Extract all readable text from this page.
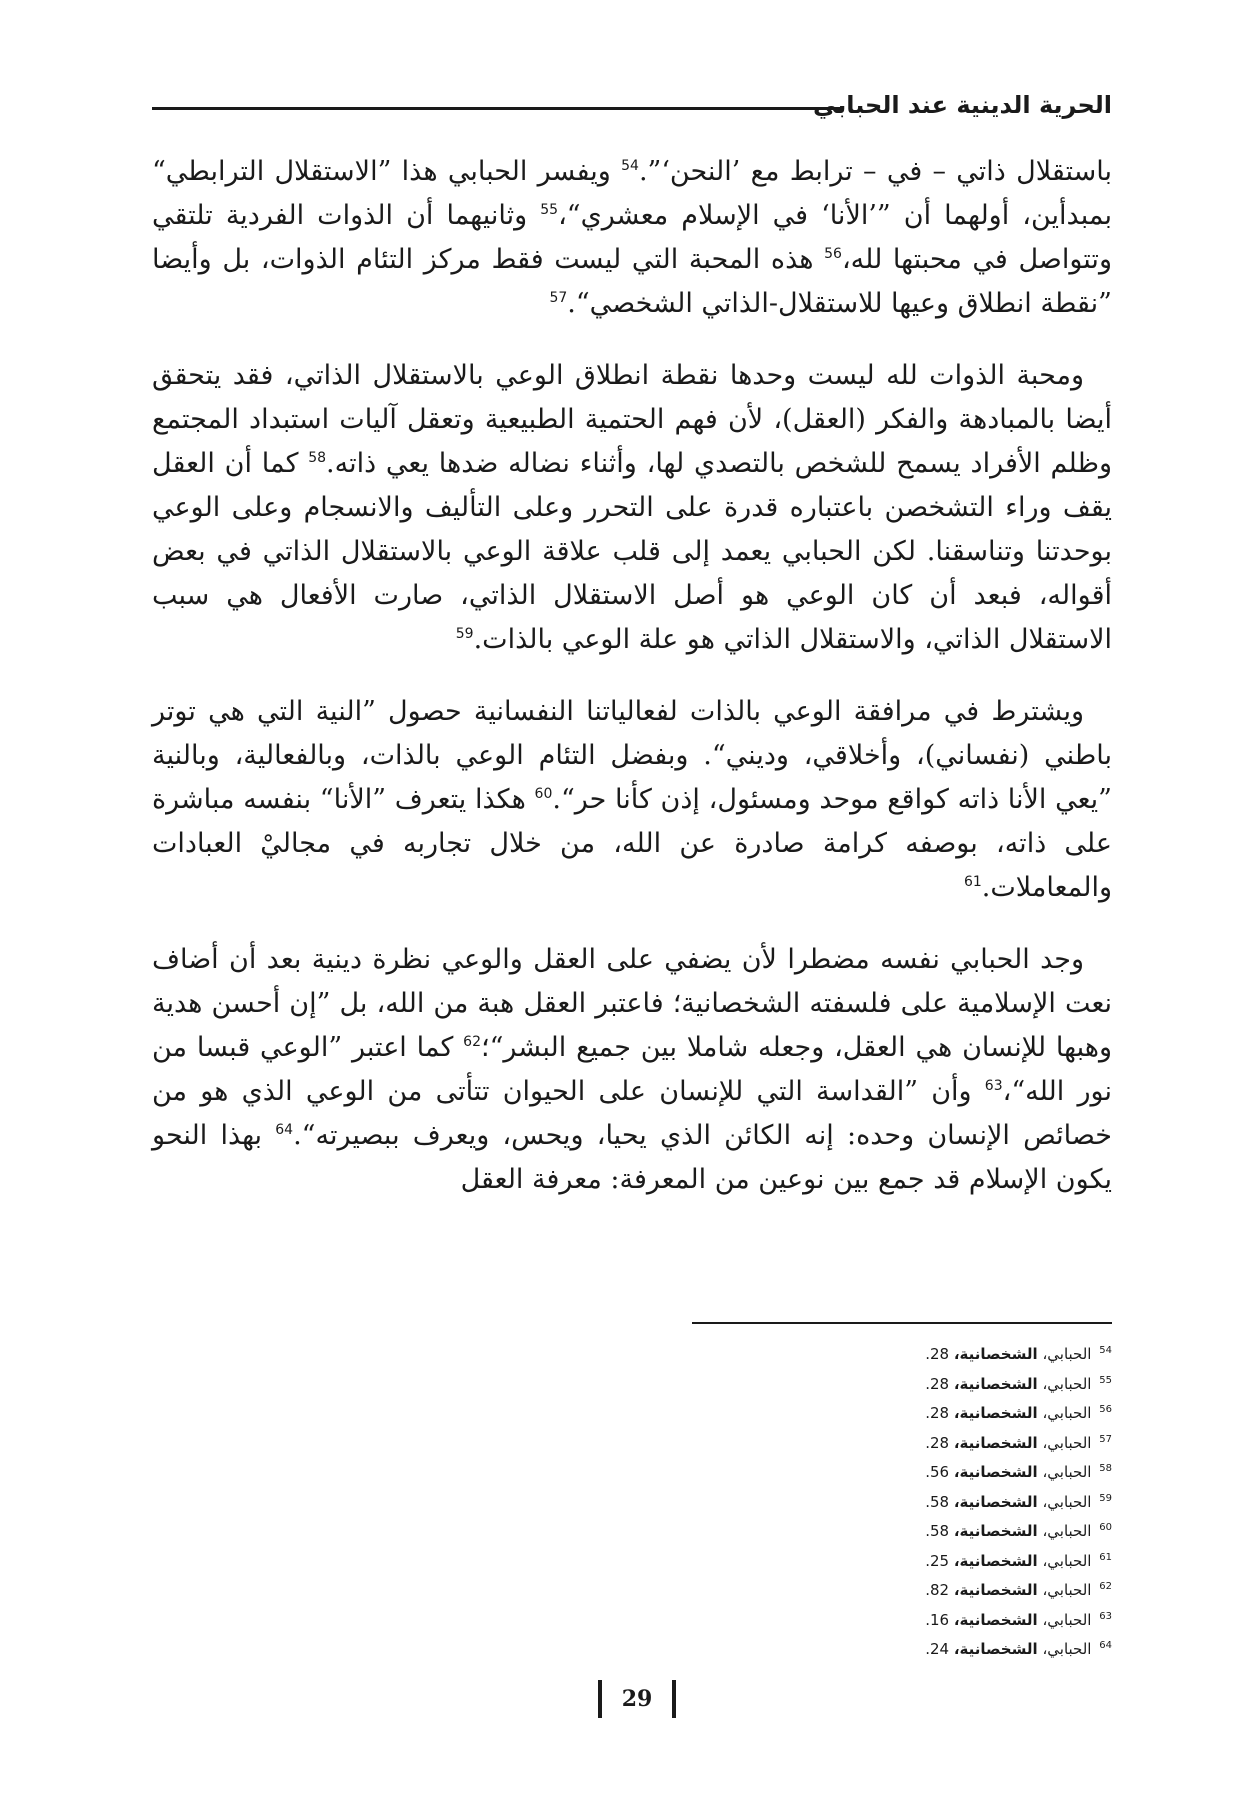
الحرية الدينية عند الحبابي

باستقلال ذاتي – في – ترابط مع ’النحن‘”.$^{54}$ ويفسر الحبابي هذا ”الاستقلال الترابطي“ بمبدأين، أولهما أن ”’الأنا‘ في الإسلام معشري“،$^{55}$ وثانيهما أن الذوات الفردية تلتقي وتتواصل في محبتها لله،$^{56}$ هذه المحبة التي ليست فقط مركز التئام الذوات، بل وأيضا ”نقطة انطلاق وعيها للاستقلال-الذاتي الشخصي“.$^{57}$

ومحبة الذوات لله ليست وحدها نقطة انطلاق الوعي بالاستقلال الذاتي، فقد يتحقق أيضا بالمبادهة والفكر (العقل)، لأن فهم الحتمية الطبيعية وتعقل آليات استبداد المجتمع وظلم الأفراد يسمح للشخص بالتصدي لها، وأثناء نضاله ضدها يعي ذاته.$^{58}$ كما أن العقل يقف وراء التشخصن باعتباره قدرة على التحرر وعلى التأليف والانسجام وعلى الوعي بوحدتنا وتناسقنا. لكن الحبابي يعمد إلى قلب علاقة الوعي بالاستقلال الذاتي في بعض أقواله، فبعد أن كان الوعي هو أصل الاستقلال الذاتي، صارت الأفعال هي سبب الاستقلال الذاتي، والاستقلال الذاتي هو علة الوعي بالذات.$^{59}$

ويشترط في مرافقة الوعي بالذات لفعالياتنا النفسانية حصول ”النية التي هي توتر باطني (نفساني)، وأخلاقي، وديني“. وبفضل التئام الوعي بالذات، وبالفعالية، وبالنية ”يعي الأنا ذاته كواقع موحد ومسئول، إذن كأنا حر“.$^{60}$ هكذا يتعرف ”الأنا“ بنفسه مباشرة على ذاته، بوصفه كرامة صادرة عن الله، من خلال تجاربه في مجاليْ العبادات والمعاملات.$^{61}$

وجد الحبابي نفسه مضطرا لأن يضفي على العقل والوعي نظرة دينية بعد أن أضاف نعت الإسلامية على فلسفته الشخصانية؛ فاعتبر العقل هبة من الله، بل ”إن أحسن هدية وهبها للإنسان هي العقل، وجعله شاملا بين جميع البشر“؛$^{62}$ كما اعتبر ”الوعي قبسا من نور الله“،$^{63}$ وأن ”القداسة التي للإنسان على الحيوان تتأتى من الوعي الذي هو من خصائص الإنسان وحده: إنه الكائن الذي يحيا، ويحس، ويعرف ببصيرته“.$^{64}$ بهذا النحو يكون الإسلام قد جمع بين نوعين من المعرفة: معرفة العقل

$^{54}$ الحبابي، الشخصانية، 28.
$^{55}$ الحبابي، الشخصانية، 28.
$^{56}$ الحبابي، الشخصانية، 28.
$^{57}$ الحبابي، الشخصانية، 28.
$^{58}$ الحبابي، الشخصانية، 56.
$^{59}$ الحبابي، الشخصانية، 58.
$^{60}$ الحبابي، الشخصانية، 58.
$^{61}$ الحبابي، الشخصانية، 25.
$^{62}$ الحبابي، الشخصانية، 82.
$^{63}$ الحبابي، الشخصانية، 16.
$^{64}$ الحبابي، الشخصانية، 24.
29
